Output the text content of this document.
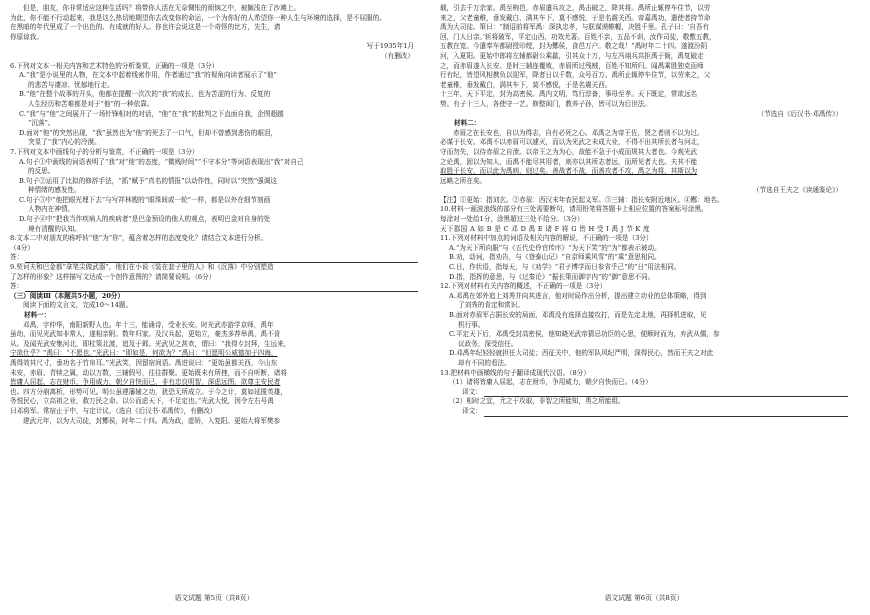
但是，朋友，你非常适应这种生活吗？将带你人活在无奈惆怅的烦恼之中，被搁浅在了沙滩上。

为此，你不能不行动起来，我是这么热切地期望你去改变你的命运，一个为你好的人希望你一种人生与环境的选择，是不屈服的。

在黑暗的年代里成了一个出色的、有成就的好人。你也许会说这是一个奇怪的比方，先生，请

你原谅我。

写于1935年1月

（有删改）

6.下列对文本一相关内容和艺术特色的分析鉴赏，正确的一项是（3分）

A.“我”是小说里的人物，在文本中起着线索作用，作者通过“我”的视角向读者展示了“他”

的悲苦与凄凉、忧郁地行走。

B.“他”在整个故事的开头，他都在提醒一次次的“我”的成长，也为苦涩的行为、反复的

人生经历和苦难都是对于“他”的一种依靠。

C.“我”与“他”之间展开了一场针锋相对的对话，“他”在“我”的批判之下直面自我，企图超越

“沉落”。

D.面对“他”的突然出现，“我”虽然也为“他”的死去了一口气，但却不曾感到悲伤的眼泪，

突显了“我”内心的冷漠。

7.下列对文本中画线句子的分析与鉴赏，不正确的一项是（3分）

A.句子①中画线的词语表明了“我”对“他”的态度，“微贱时间”“不守本分”等词语表现出“我”对自己

的反思。

B.句子②运用了比拟的修辞手法，“抓”赋予“真名的情报”以动作性，同时以“突然”强调这

种情绪的感发性。

C.句子③中“他把眼光埋下去”与写祥林嫂的“眼珠间或一轮”一样，都是以外在细节刻画

人物内在神情。

D.句子④中“把我当作疾病人的疾病者”是巴金预设的他人的观点，表明巴金对自身的处

境有清醒的认知。

8.文本二中对朋友的称呼转“他”为“你”，蕴含着怎样的态度变化？请结合文本进行分析。

（4分）

答：

9.契诃夫和巴金都“拿笔尖做武器”，他们在小说《装在套子里的人》和《沉落》中分别塑造

了怎样的形象？这样描写文达成一个创作意图的？请简要说明。（6分）

答：

（三）阅读Ⅲ（本题共5小题，20分）

阅读下面的文言文，完成10～14题。

材料一：

邓禹，字仲华，南阳新野人也。年十三，能诵诗，受业长安。时光武亦游学京师，禹年

虽幼，而见光武知非常人，遂相亲附。数年归家。及汉兵起，更始立，豪杰多荐举禹，禹不肯

从。及闻光武安集河北，即杖策北渡，追及于邺。光武见之甚欢，谓曰：“我得专封拜，生远来，

宁欲仕乎？”禹曰：“不愿也。”光武曰：“即如是，何欲为？”禹曰：“但愿明公威德加于四海，

禹得效其尺寸，垂功名于竹帛耳。”光武笑，因留宿间语。禹进说曰：“更始虽都关西，今山东

未安，赤眉、青犊之属，动以万数，三辅假号，往往群聚。更始既未有所挫，而不自听断，诸将

皆庸人屈起，志在财币，争用威力，朝夕自快而已，非有忠良明智，深虑远图，欲尊主安民者

也。四方分崩离析，形势可见。明公虽建藩辅之功，犹恐无所成立。于今之计，莫如延揽英雄，

务悦民心，立高祖之业，救万民之命。以公而虑天下，不足定也。”光武大悦，因令左右号禹

曰邓将军。常宿止于中，与定计议。（选自《后汉书·邓禹传》，有删改）

建武元年，以为大司徒，封酂侯，时年二十四。禹为政，虚矫，入复阳。更始大将军樊参

语文试题 第5页（共8页）

载，引去千万余家。禹至栒邑，赤眉遣兵攻之，禹击破之，降其将。禹所止辄停车住节，以劳

来之，父老童稚，垂发戴白，满其车下，莫不感悦，于是名震关西。帝嘉禹功，遣使者持节命

禹为大司徒。策曰：“制诏前将军禹：深执忠孝，与朕谋谟帷幄，决胜千里。孔子曰：‘自吾有

回，门人日亲。’斩将破军，平定山西，功效尤著。百姓不亲，五品不训，汝作司徒，敬敷五教，

五教在宽。今遣奉车都尉授印绶，封为酂侯，食邑万户。敬之哉！”禹时年二十四。遂渡汾阴

河，入夏阳。更始中郎将左辅都尉公乘歙，引其众十万，与左冯翊兵共拒禹于衙，禹复破走

之，而赤眉遂入长安。是时三辅连覆败，赤眉所过残贼，百姓不知所归。闻禹乘胜独克而师

行有纪，皆望风相携负以迎军，降者日以千数，众号百万。禹所止辄停车住节，以劳来之，父

老童稚，垂发戴白，满其车下，莫不感悦，于是名震关西。

十三年，天下平定，封为高密侯。禹内文明，笃行淳备，事母至孝。天下既定，常欲远名

势。有子十三人，各使守一艺。修整闺门，教养子孙，皆可以为后世法。

（节选自《后汉书·邓禹传》）

材料二：

赤眉之在长安也，自以为得志，自有必死之心。邓禹之为帝王佐，贤之者则不以为过。

必谋于长安。邓禹不以赤眉可以遽灭，而以为光武之未成大业，不得不出其所长者与河北，

守而勿失，以待赤眉之自溃。以帝王之为为心，故能不急于小成而规其大者也。今观光武

之论禹，固以为知人，而禹不能尽其用者，则亦以其所志者远，而所见者大也。夫其不能

取胜于长安，而以此为禹病，则过矣。善战者不战，而善攻者不攻，禹之为将，其斯以为

远略之所在矣。

（节选自王夫之《读通鉴论》）

【注】①更始：指刘玄。②赤眉：西汉末年农民起义军。③三辅：指长安附近地区。④酂：地名。

10.材料一画波浪线的部分有三处需要断句，请用铅笔将答题卡上相应位置的答案标号涂黑。

每涂对一处给1分，涂黑超过三处不给分。（3分）

天下郡国 A 如 B 是 C 邓 D 禹 E 诸 F 将 G 皆 H 受 I 禹 J 节 K 度

11.下列对材料中加点的词语及相关内容的解说，不正确的一项是（3分）

A.“为天下所向服”与《五代史伶官传序》“为天下笑”的“为”都表示被动。

B.劝，动词，指劝告，与《登泰山记》“自京师乘风雪”的“乘”意思相同。

C.日，作状语，指每天，与《劝学》“君子博学而日参省乎己”的“日”用法相同。

D.指，指挥的意思，与《过秦论》“振长策而御宇内”的“御”意思不同。

12.下列对材料有关内容的概述，不正确的一项是（3分）

A.邓禹在郊外追上刘秀并向其进言，他对时局作出分析，提出建立功业的总体策略，得到

了刘秀的肯定和赏识。

B.面对赤眉军占据长安的局面，邓禹没有选择直接攻打，而是先定北地，再择机进取，见

机行事。

C.平定天下后，邓禹受封高密侯，他知晓光武帝猜忌功臣的心思，便顺时而为，弃武从儒，参

议政务，深受信任。

D.邓禹年纪轻轻就担任大司徒；西征关中，他的军队风纪严明，深得民心，然而王夫之对此

却有不同的看法。

13.把材料中画横线的句子翻译成现代汉语。（8分）

（1）诸将皆庸人屈起，志在财币，争用威力，朝夕自快而已。（4分）

译文：

（2）相时之宜，尤之于攻取，非智之所能知，勇之所能组。

译文：
语文试题 第6页（共8页）
